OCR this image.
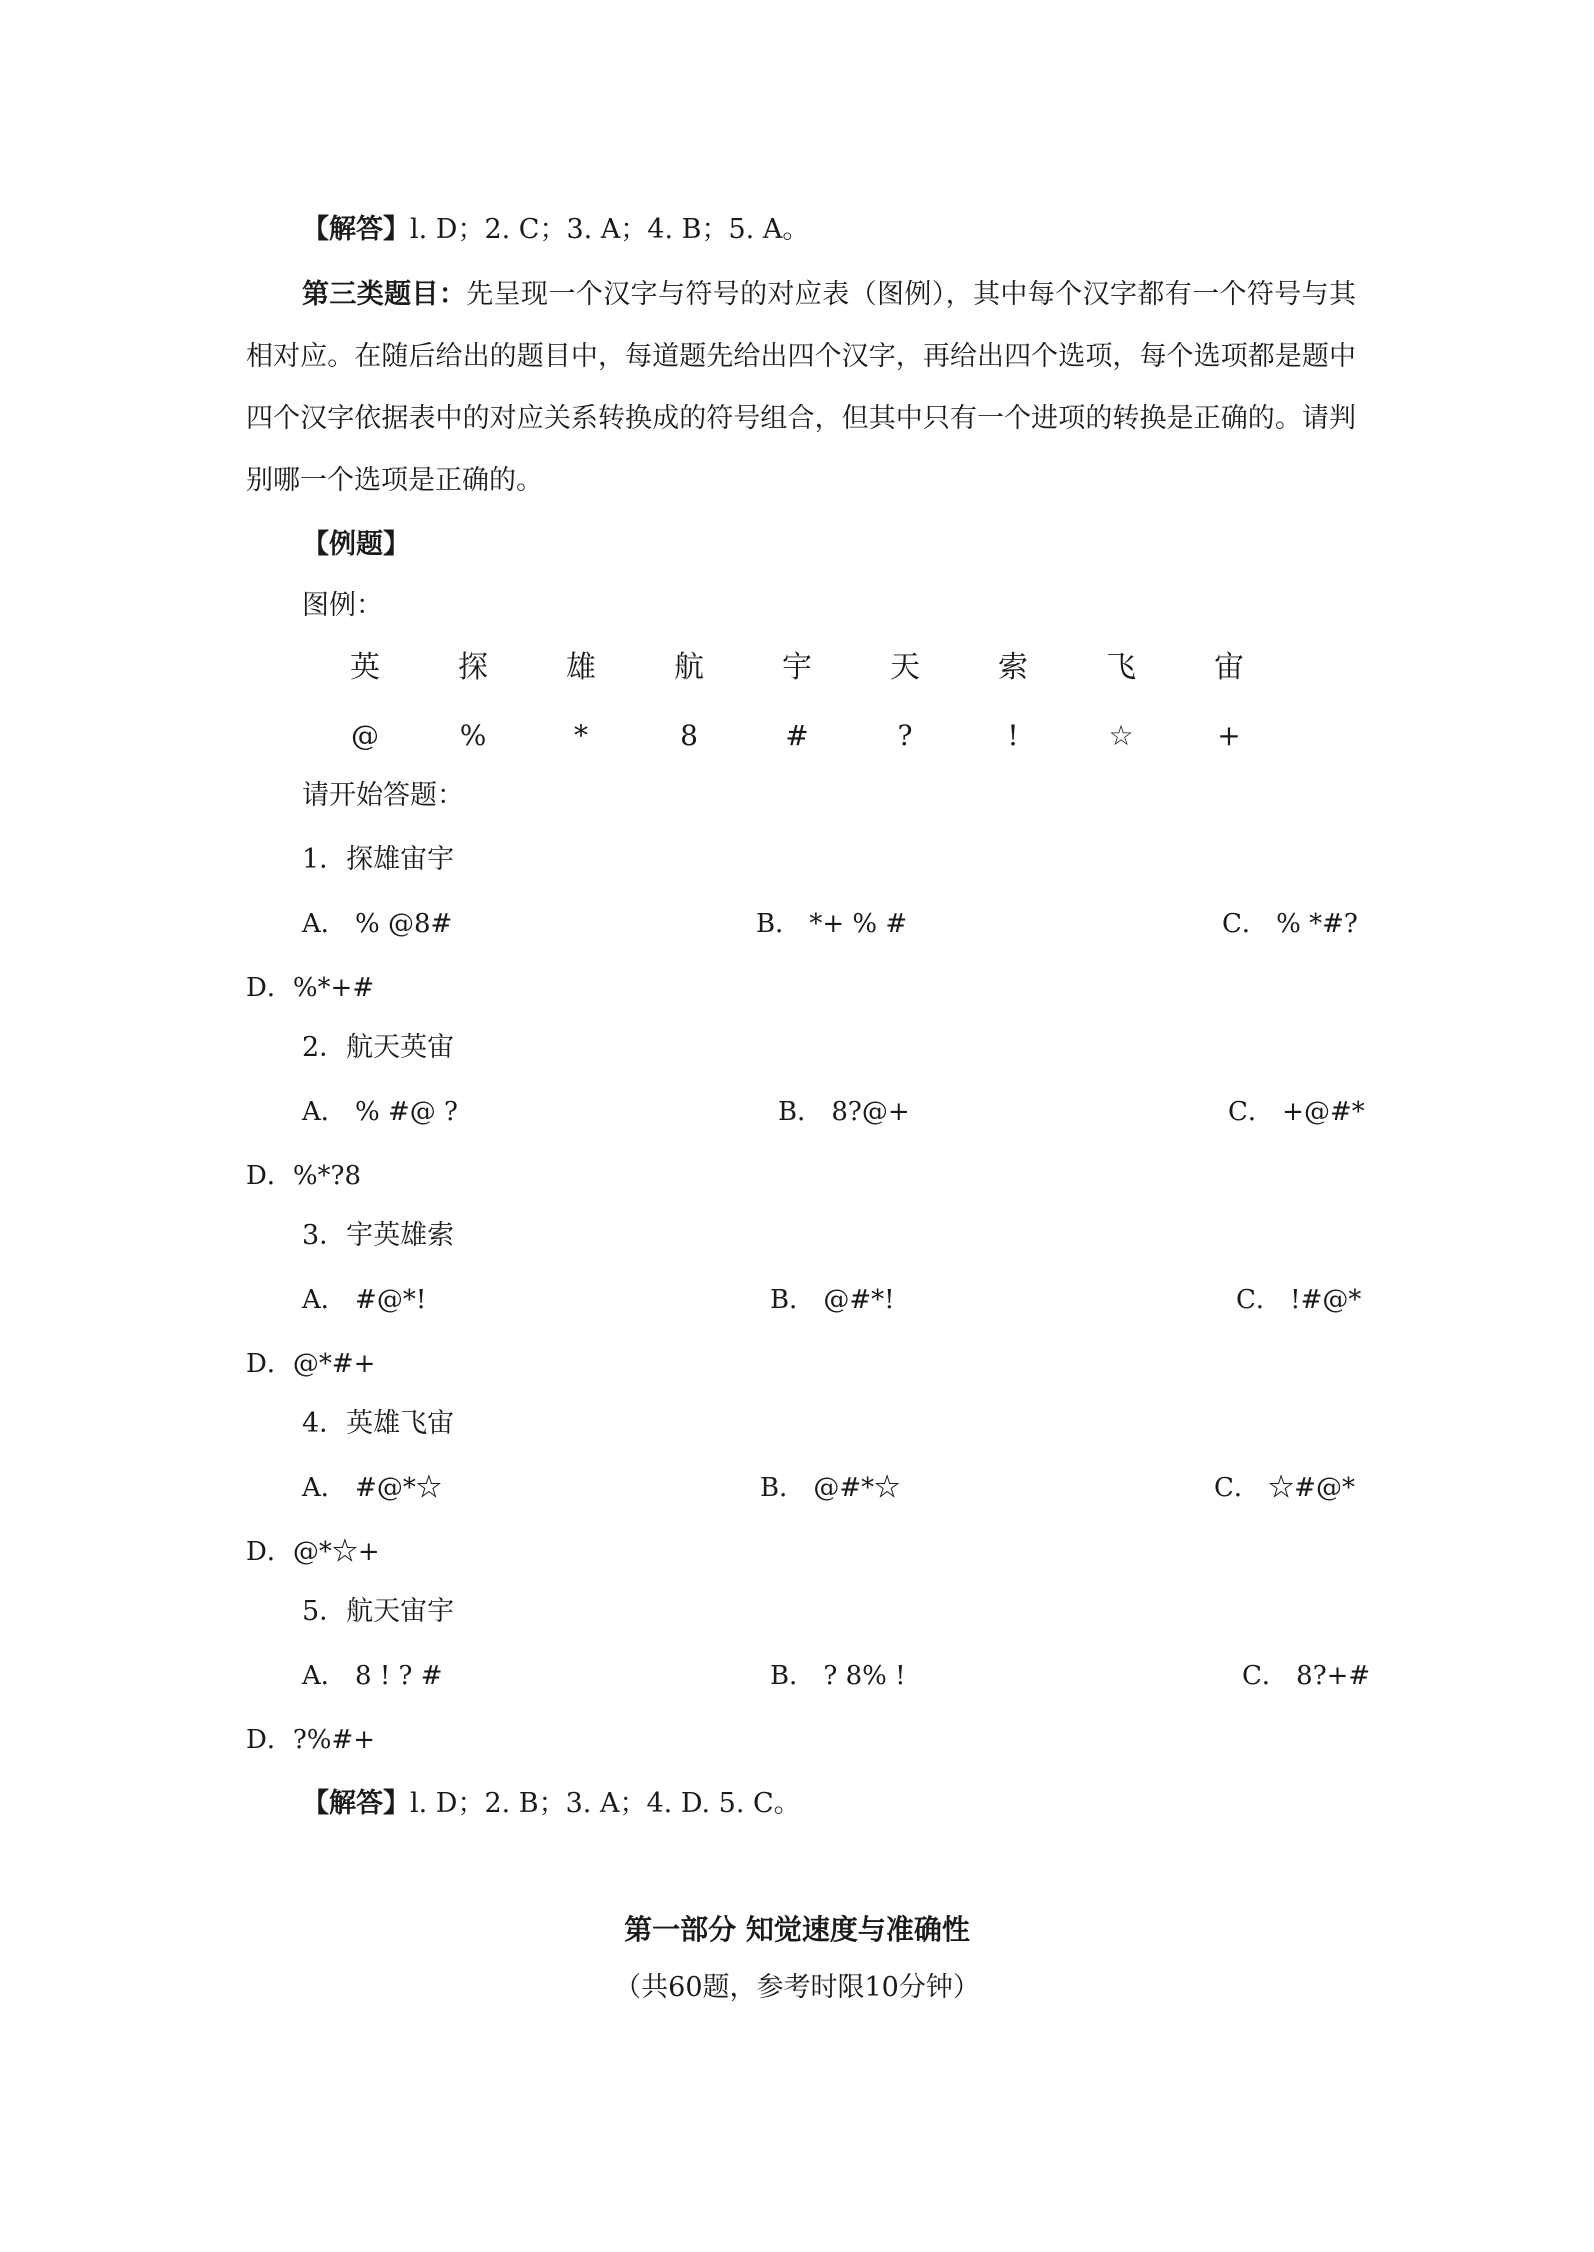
【解答】l. D；2. C；3. A；4. B；5. A。
第三类题目：先呈现一个汉字与符号的对应表（图例），其中每个汉字都有一个符号与其相对应。在随后给出的题目中，每道题先给出四个汉字，再给出四个选项，每个选项都是题中四个汉字依据表中的对应关系转换成的符号组合，但其中只有一个进项的转换是正确的。请判别哪一个选项是正确的。
【例题】
图例：
英	探	雄	航	宇	天	索	飞	宙
@	%	*	8	#	?	!	☆	+
请开始答题：
1．探雄宙宇
A． % @8#	B． *+ % #	C． % *#?
D．%*+#
2．航天英宙
A． % #@ ?	B． 8?@+	C． +@#*
D．%*?8
3．宇英雄索
A． #@*!	B． @#*!	C． !#@*
D．@*#+
4．英雄飞宙
A． #@*☆	B． @#*☆	C． ☆#@*
D．@*☆+
5．航天宙宇
A． 8 ! ? #	B． ? 8% !	C． 8?+#
D．?%#+
【解答】l. D；2. B；3. A；4. D. 5. C。
第一部分 知觉速度与准确性
（共60题，参考时限10分钟）
